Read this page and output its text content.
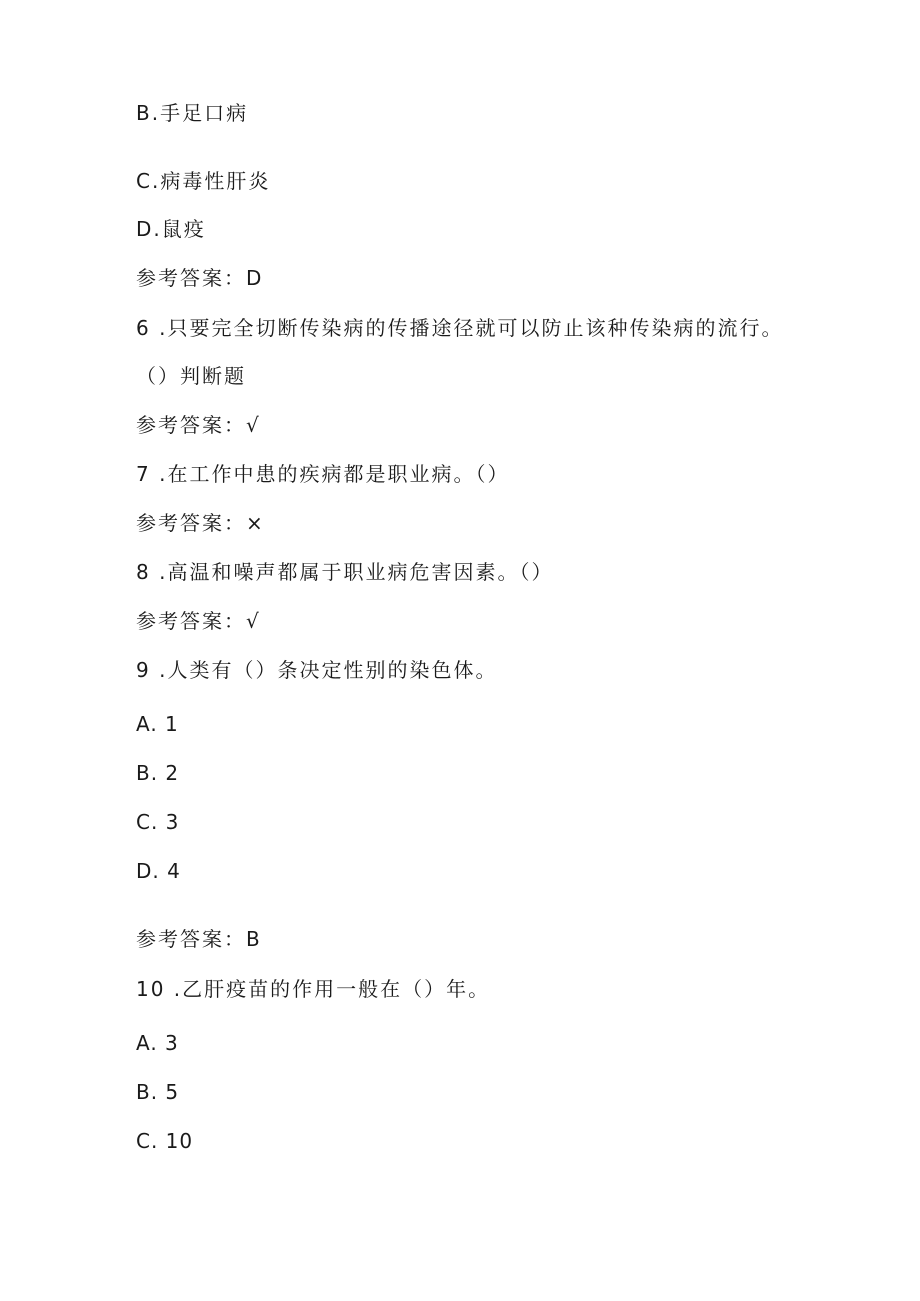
B.手足口病
C.病毒性肝炎
D.鼠疫
参考答案：D
6 .只要完全切断传染病的传播途径就可以防止该种传染病的流行。
（）判断题
参考答案：√
7 .在工作中患的疾病都是职业病。（）
参考答案：×
8 .高温和噪声都属于职业病危害因素。（）
参考答案：√
9 .人类有（）条决定性别的染色体。
A. 1
B. 2
C. 3
D. 4
参考答案：B
10 .乙肝疫苗的作用一般在（）年。
A. 3
B. 5
C. 10
